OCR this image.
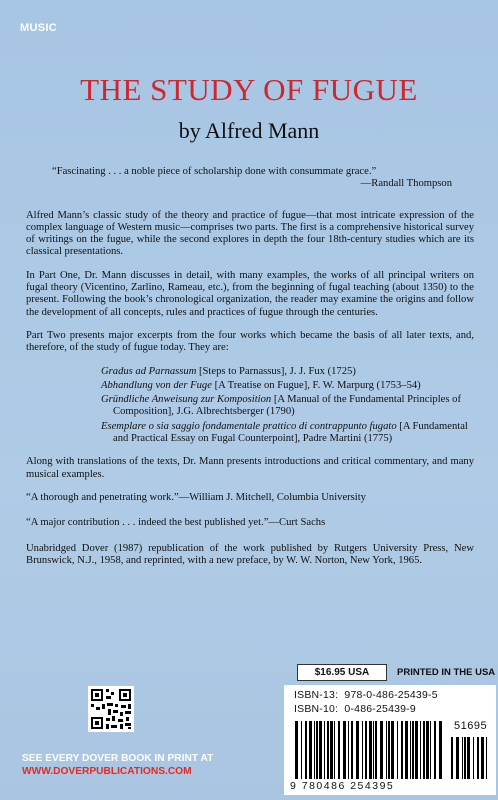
MUSIC
THE STUDY OF FUGUE
by Alfred Mann

“Fascinating . . . a noble piece of scholarship done with consummate grace.”

—Randall Thompson

Alfred Mann’s classic study of the theory and practice of fugue—that most intricate expression of the complex language of Western music—comprises two parts. The first is a comprehensive historical survey of writings on the fugue, while the second explores in depth the four 18th-century studies which are its classical presentations.

In Part One, Dr. Mann discusses in detail, with many examples, the works of all principal writers on fugal theory (Vicentino, Zarlino, Rameau, etc.), from the beginning of fugal teaching (about 1350) to the present. Following the book’s chronological organization, the reader may examine the origins and follow the development of all concepts, rules and practices of fugue through the centuries.

Part Two presents major excerpts from the four works which became the basis of all later texts, and, therefore, of the study of fugue today. They are:

Gradus ad Parnassum [Steps to Parnassus], J. J. Fux (1725)
Abhandlung von der Fuge [A Treatise on Fugue], F. W. Marpurg (1753–54)
Gründliche Anweisung zur Komposition [A Manual of the Fundamental Principles of Composition], J.G. Albrechtsberger (1790)
Esemplare o sia saggio fondamentale prattico di contrappunto fugato [A Fundamental and Practical Essay on Fugal Counterpoint], Padre Martini (1775)

Along with translations of the texts, Dr. Mann presents introductions and critical commentary, and many musical examples.

“A thorough and penetrating work.”—William J. Mitchell, Columbia University

“A major contribution . . . indeed the best published yet.”—Curt Sachs

Unabridged Dover (1987) republication of the work published by Rutgers University Press, New Brunswick, N.J., 1958, and reprinted, with a new preface, by W. W. Norton, New York, 1965.

SEE EVERY DOVER BOOK IN PRINT AT
WWW.DOVERPUBLICATIONS.COM
$16.95 USA	PRINTED IN THE USA
ISBN-13:  978-0-486-25439-5
ISBN-10:  0-486-25439-9
51695
9 780486 254395
